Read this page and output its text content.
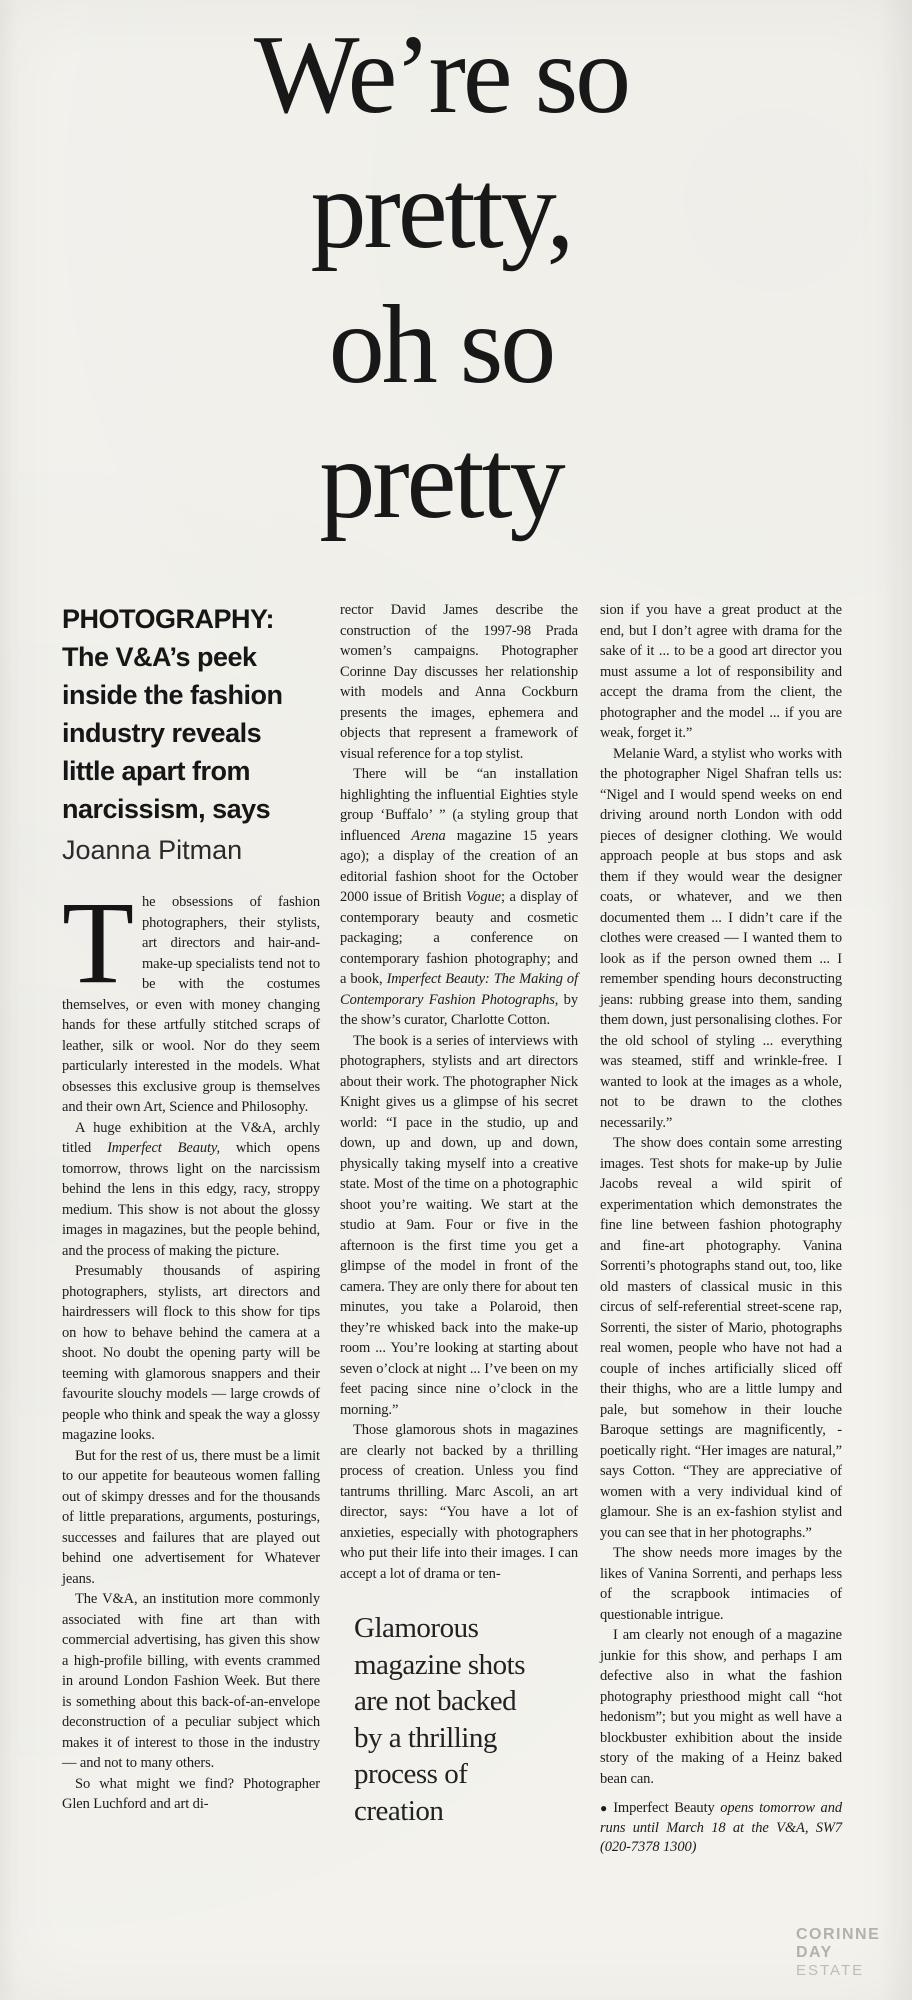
We’re so
pretty,
oh so
pretty
PHOTOGRAPHY:
The V&A’s peek
inside the fashion
industry reveals
little apart from
narcissism, says
Joanna Pitman

The obsessions of fashion photographers, their stylists, art directors and hair-and-make-up specialists tend not to be with the costumes themselves, or even with money changing hands for these artfully stitched scraps of leather, silk or wool. Nor do they seem particularly interested in the models. What obsesses this exclusive group is themselves and their own Art, Science and Philosophy.

A huge exhibition at the V&A, archly titled Imperfect Beauty, which opens tomorrow, throws light on the narcissism behind the lens in this edgy, racy, stroppy medium. This show is not about the glossy images in magazines, but the people behind, and the process of making the picture.

Presumably thousands of aspiring photographers, stylists, art directors and hairdressers will flock to this show for tips on how to behave behind the camera at a shoot. No doubt the opening party will be teeming with glamorous snappers and their favourite slouchy models — large crowds of people who think and speak the way a glossy magazine looks.

But for the rest of us, there must be a limit to our appetite for beauteous women falling out of skimpy dresses and for the thousands of little preparations, arguments, posturings, successes and failures that are played out behind one advertisement for Whatever jeans.

The V&A, an institution more commonly associated with fine art than with commercial advertising, has given this show a high-profile billing, with events crammed in around London Fashion Week. But there is something about this back-of-an-envelope deconstruction of a peculiar subject which makes it of interest to those in the industry — and not to many others.

So what might we find? Photographer Glen Luchford and art di-

rector David James describe the construction of the 1997-98 Prada women’s campaigns. Photographer Corinne Day discusses her relationship with models and Anna Cockburn presents the images, ephemera and objects that represent a framework of visual reference for a top stylist.

There will be “an installation highlighting the influential Eighties style group ‘Buffalo’ ” (a styling group that influenced Arena magazine 15 years ago); a display of the creation of an editorial fashion shoot for the October 2000 issue of British Vogue; a display of contemporary beauty and cosmetic packaging; a conference on contemporary fashion photography; and a book, Imperfect Beauty: The Making of Contemporary Fashion Photographs, by the show’s curator, Charlotte Cotton.

The book is a series of interviews with photographers, stylists and art directors about their work. The photographer Nick Knight gives us a glimpse of his secret world: “I pace in the studio, up and down, up and down, up and down, physically taking myself into a creative state. Most of the time on a photographic shoot you’re waiting. We start at the studio at 9am. Four or five in the afternoon is the first time you get a glimpse of the model in front of the camera. They are only there for about ten minutes, you take a Polaroid, then they’re whisked back into the make-up room ... You’re looking at starting about seven o’clock at night ... I’ve been on my feet pacing since nine o’clock in the morning.”

Those glamorous shots in magazines are clearly not backed by a thrilling process of creation. Unless you find tantrums thrilling. Marc Ascoli, an art director, says: “You have a lot of anxieties, especially with photographers who put their life into their images. I can accept a lot of drama or ten-

Glamorous
magazine shots
are not backed
by a thrilling
process of
creation

sion if you have a great product at the end, but I don’t agree with drama for the sake of it ... to be a good art director you must assume a lot of responsibility and accept the drama from the client, the photographer and the model ... if you are weak, forget it.”

Melanie Ward, a stylist who works with the photographer Nigel Shafran tells us: “Nigel and I would spend weeks on end driving around north London with odd pieces of designer clothing. We would approach people at bus stops and ask them if they would wear the designer coats, or whatever, and we then documented them ... I didn’t care if the clothes were creased — I wanted them to look as if the person owned them ... I remember spending hours deconstructing jeans: rubbing grease into them, sanding them down, just personalising clothes. For the old school of styling ... everything was steamed, stiff and wrinkle-free. I wanted to look at the images as a whole, not to be drawn to the clothes necessarily.”

The show does contain some arresting images. Test shots for make-up by Julie Jacobs reveal a wild spirit of experimentation which demonstrates the fine line between fashion photography and fine-art photography. Vanina Sorrenti’s photographs stand out, too, like old masters of classical music in this circus of self-referential street-scene rap, Sorrenti, the sister of Mario, photographs real women, people who have not had a couple of inches artificially sliced off their thighs, who are a little lumpy and pale, but somehow in their louche Baroque settings are magnificently, - poetically right. “Her images are natural,” says Cotton. “They are appreciative of women with a very individual kind of glamour. She is an ex-fashion stylist and you can see that in her photographs.”

The show needs more images by the likes of Vanina Sorrenti, and perhaps less of the scrapbook intimacies of questionable intrigue.

I am clearly not enough of a magazine junkie for this show, and perhaps I am defective also in what the fashion photography priesthood might call “hot hedonism”; but you might as well have a blockbuster exhibition about the inside story of the making of a Heinz baked bean can.

● Imperfect Beauty opens tomorrow and runs until March 18 at the V&A, SW7 (020-7378 1300)

CORINNE
DAY
ESTATE
